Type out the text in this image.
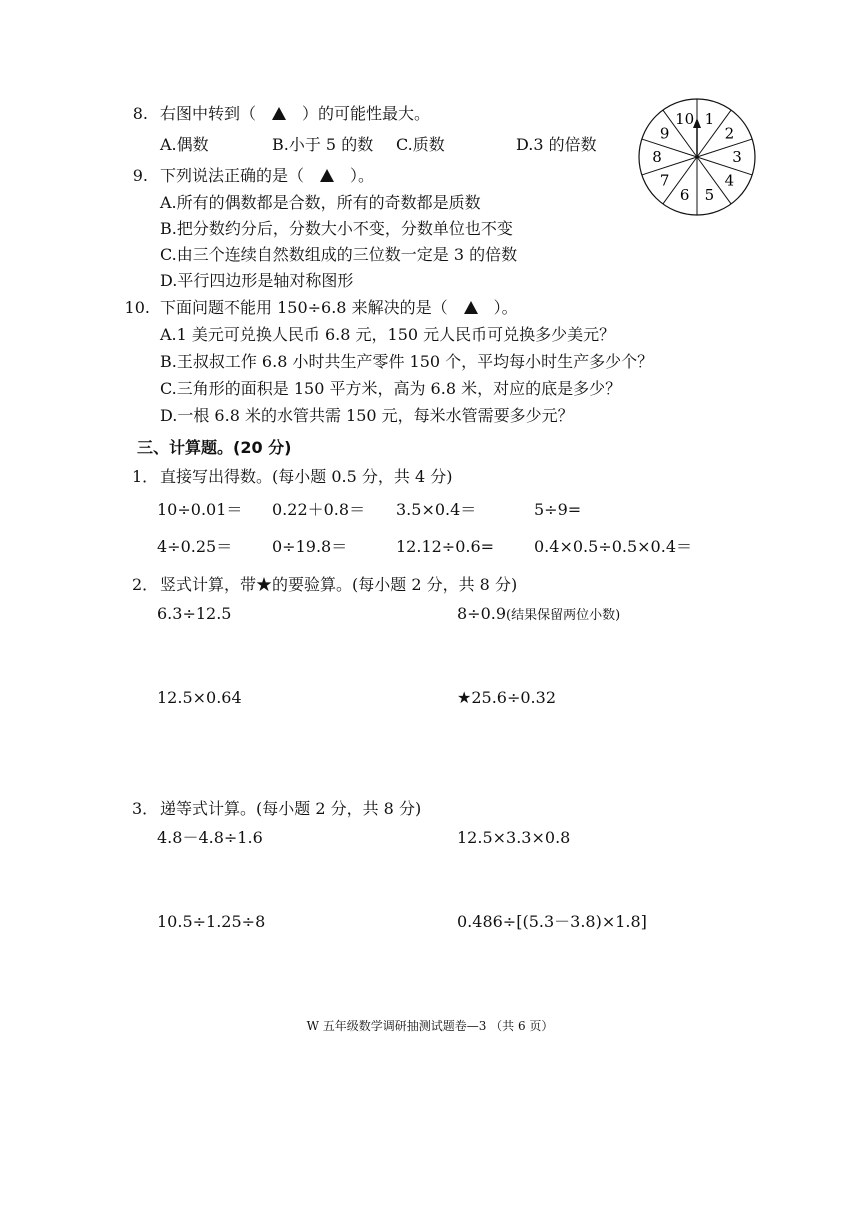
8. 右图中转到（	）的可能性最大。
A.偶数	B.小于 5 的数 C.质数	D.3 的倍数
1
2
3
4
5
6
7
8
9
10
9. 下列说法正确的是（	）。
A.所有的偶数都是合数，所有的奇数都是质数
B.把分数约分后，分数大小不变，分数单位也不变
C.由三个连续自然数组成的三位数一定是 3 的倍数
D.平行四边形是轴对称图形
10. 下面问题不能用 150÷6.8 来解决的是（	）。
A.1 美元可兑换人民币 6.8 元，150 元人民币可兑换多少美元？
B.王叔叔工作 6.8 小时共生产零件 150 个，平均每小时生产多少个？
C.三角形的面积是 150 平方米，高为 6.8 米，对应的底是多少？
D.一根 6.8 米的水管共需 150 元，每米水管需要多少元？
三、计算题。(20 分)
1． 直接写出得数。(每小题 0.5 分，共 4 分)
10÷0.01＝ 0.22＋0.8＝ 3.5×0.4＝	5÷9=
4÷0.25＝ 0÷19.8＝	12.12÷0.6= 0.4×0.5÷0.5×0.4＝
2． 竖式计算，带★的要验算。(每小题 2 分，共 8 分)
6.3÷12.5	8÷0.9(结果保留两位小数)
12.5×0.64	★25.6÷0.32
3． 递等式计算。(每小题 2 分，共 8 分)
4.8－4.8÷1.6	12.5×3.3×0.8
10.5÷1.25÷8	0.486÷[(5.3－3.8)×1.8]
W 五年级数学调研抽测试题卷—3 （共 6 页）
